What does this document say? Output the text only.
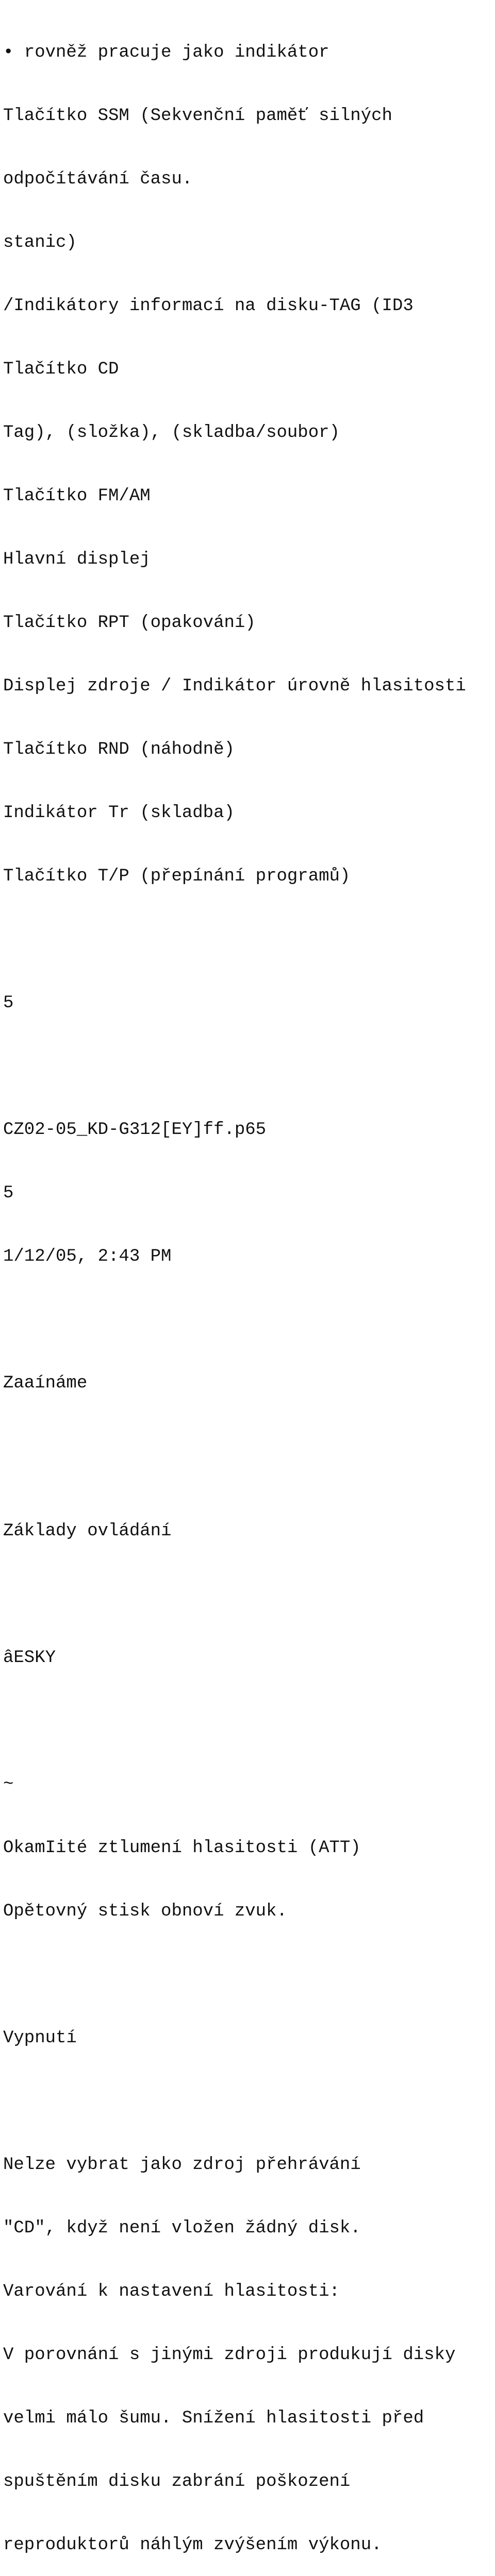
• rovněž pracuje jako indikátor

Tlačítko SSM (Sekvenční paměť silných

odpočítávání času.

stanic)

/Indikátory informací na disku-TAG (ID3

Tlačítko CD

Tag), (složka), (skladba/soubor)

Tlačítko FM/AM

Hlavní displej

Tlačítko RPT (opakování)

Displej zdroje / Indikátor úrovně hlasitosti

Tlačítko RND (náhodně)

Indikátor Tr (skladba)

Tlačítko T/P (přepínání programů)

5

CZ02-05_KD-G312[EY]ff.p65

5

1/12/05, 2:43 PM

Zaaínáme

Základy ovládání

âESKY

~

OkamIité ztlumení hlasitosti (ATT)

Opětovný stisk obnoví zvuk.

Vypnutí

Nelze vybrat jako zdroj přehrávání

"CD", když není vložen žádný disk.

Varování k nastavení hlasitosti:

V porovnání s jinými zdroji produkují disky

velmi málo šumu. Snížení hlasitosti před

spuštěním disku zabrání poškození

reproduktorů náhlým zvýšením výkonu.
